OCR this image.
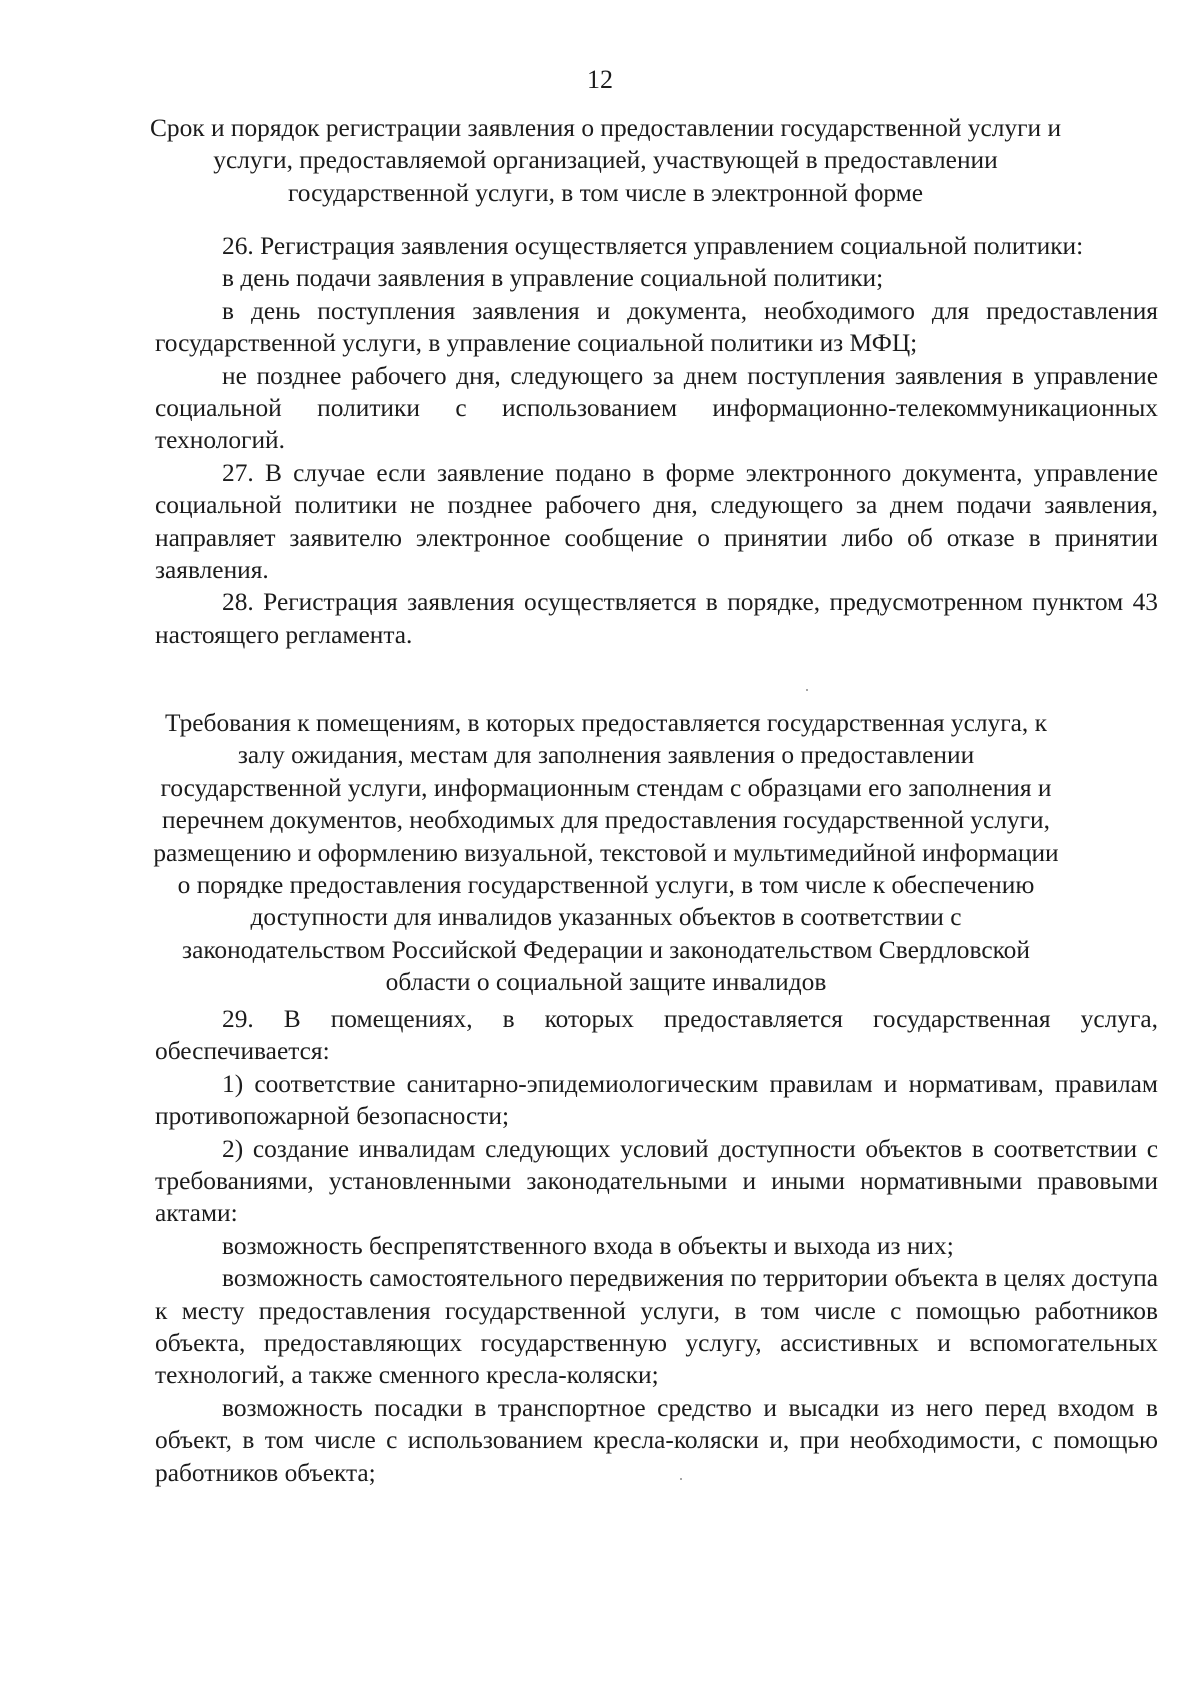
12
Срок и порядок регистрации заявления о предоставлении государственной услуги и услуги, предоставляемой организацией, участвующей в предоставлении государственной услуги, в том числе в электронной форме

26. Регистрация заявления осуществляется управлением социальной политики:

в день подачи заявления в управление социальной политики;

в день поступления заявления и документа, необходимого для предоставления государственной услуги, в управление социальной политики из МФЦ;

не позднее рабочего дня, следующего за днем поступления заявления в управление социальной политики с использованием информационно-телекоммуникационных технологий.

27. В случае если заявление подано в форме электронного документа, управление социальной политики не позднее рабочего дня, следующего за днем подачи заявления, направляет заявителю электронное сообщение о принятии либо об отказе в принятии заявления.

28. Регистрация заявления осуществляется в порядке, предусмотренном пунктом 43 настоящего регламента.

Требования к помещениям, в которых предоставляется государственная услуга, к залу ожидания, местам для заполнения заявления о предоставлении государственной услуги, информационным стендам с образцами его заполнения и перечнем документов, необходимых для предоставления государственной услуги, размещению и оформлению визуальной, текстовой и мультимедийной информации о порядке предоставления государственной услуги, в том числе к обеспечению доступности для инвалидов указанных объектов в соответствии с законодательством Российской Федерации и законодательством Свердловской области о социальной защите инвалидов

29. В помещениях, в которых предоставляется государственная услуга, обеспечивается:

1) соответствие санитарно-эпидемиологическим правилам и нормативам, правилам противопожарной безопасности;

2) создание инвалидам следующих условий доступности объектов в соответствии с требованиями, установленными законодательными и иными нормативными правовыми актами:

возможность беспрепятственного входа в объекты и выхода из них;

возможность самостоятельного передвижения по территории объекта в целях доступа к месту предоставления государственной услуги, в том числе с помощью работников объекта, предоставляющих государственную услугу, ассистивных и вспомогательных технологий, а также сменного кресла-коляски;

возможность посадки в транспортное средство и высадки из него перед входом в объект, в том числе с использованием кресла-коляски и, при необходимости, с помощью работников объекта;
